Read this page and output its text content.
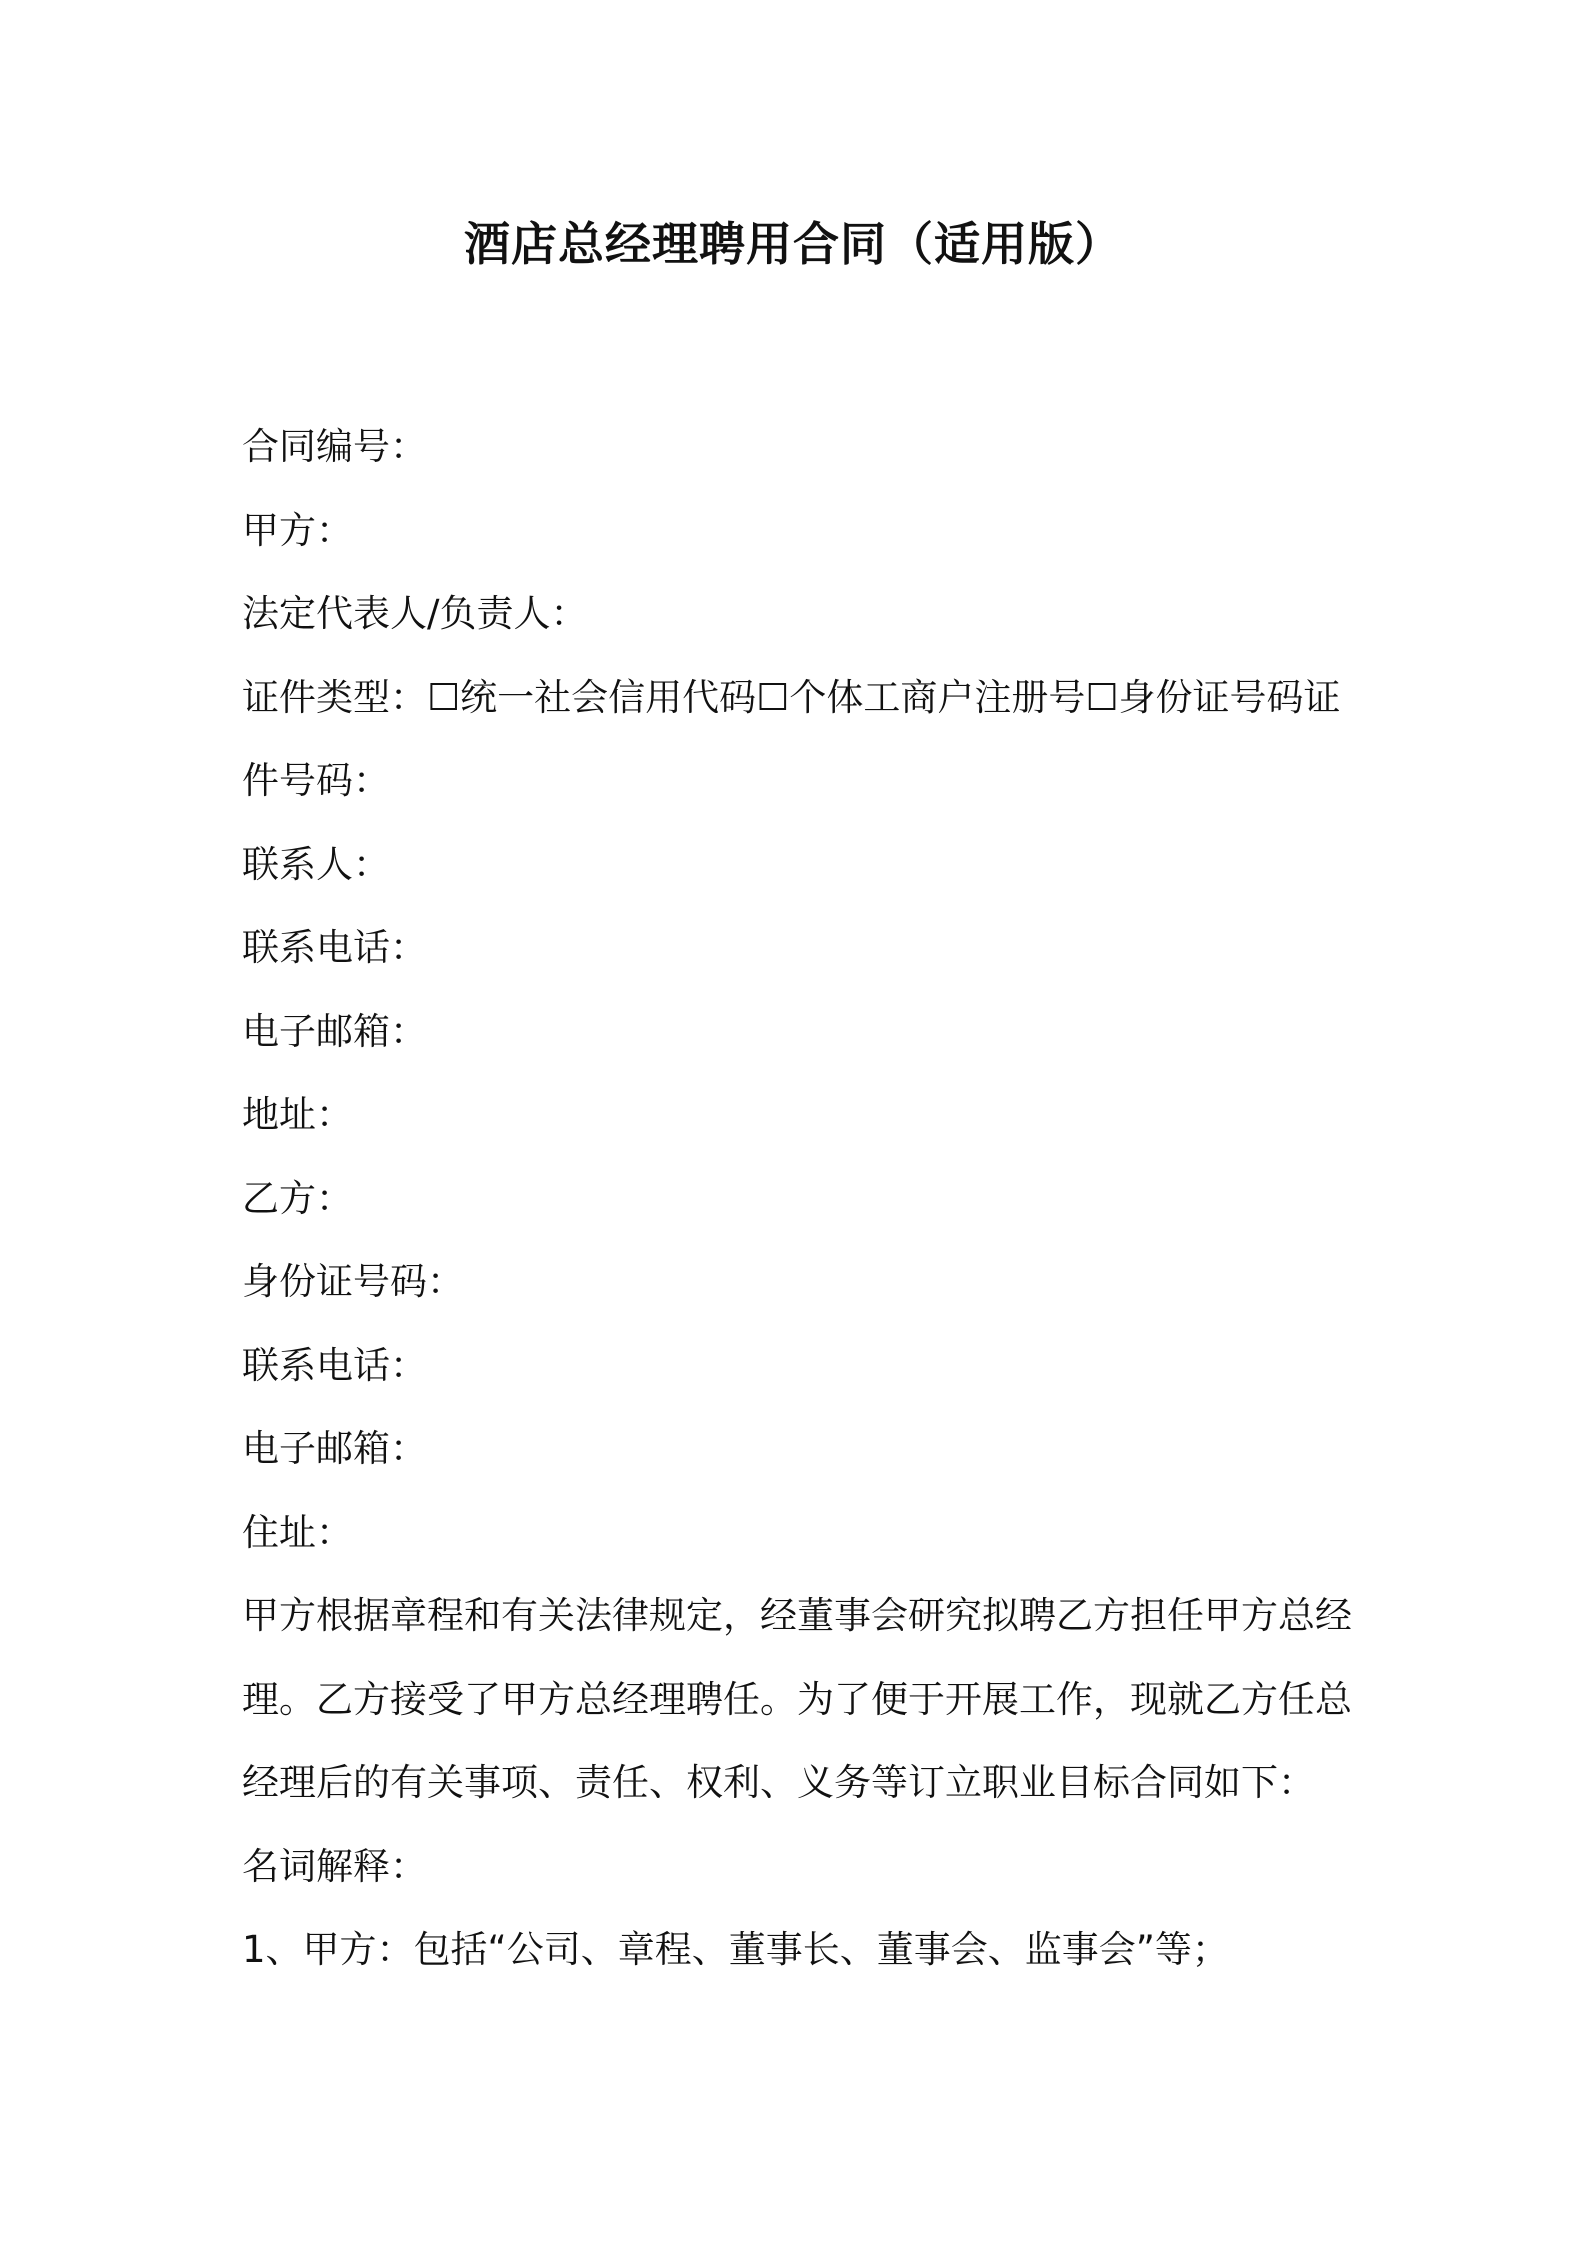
酒店总经理聘用合同（适用版）
合同编号：
甲方：
法定代表人/负责人：
证件类型：☐统一社会信用代码☐个体工商户注册号☐身份证号码证
件号码：
联系人：
联系电话：
电子邮箱：
地址：
乙方：
身份证号码：
联系电话：
电子邮箱：
住址：
甲方根据章程和有关法律规定，经董事会研究拟聘乙方担任甲方总经
理。乙方接受了甲方总经理聘任。为了便于开展工作，现就乙方任总
经理后的有关事项、责任、权利、义务等订立职业目标合同如下：
名词解释：
1、甲方：包括“公司、章程、董事长、董事会、监事会”等；
